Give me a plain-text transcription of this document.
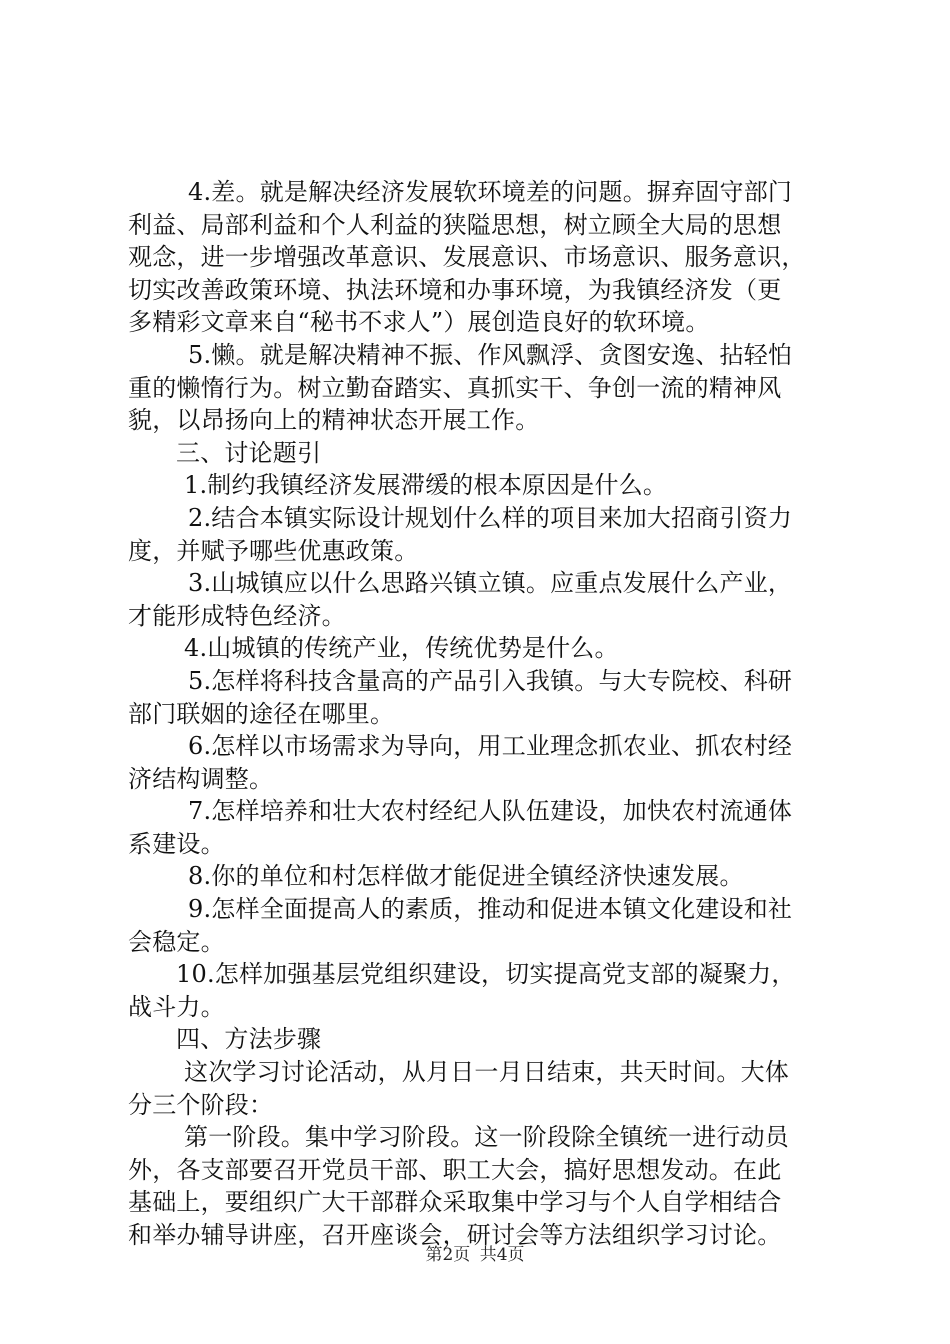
4.差。就是解决经济发展软环境差的问题。摒弃固守部门
利益、局部利益和个人利益的狭隘思想，树立顾全大局的思想
观念，进一步增强改革意识、发展意识、市场意识、服务意识，
切实改善政策环境、执法环境和办事环境，为我镇经济发（更
多精彩文章来自“秘书不求人”）展创造良好的软环境。
5.懒。就是解决精神不振、作风飘浮、贪图安逸、拈轻怕
重的懒惰行为。树立勤奋踏实、真抓实干、争创一流的精神风
貌，以昂扬向上的精神状态开展工作。
三、讨论题引
1.制约我镇经济发展滞缓的根本原因是什么。
2.结合本镇实际设计规划什么样的项目来加大招商引资力
度，并赋予哪些优惠政策。
3.山城镇应以什么思路兴镇立镇。应重点发展什么产业，
才能形成特色经济。
4.山城镇的传统产业，传统优势是什么。
5.怎样将科技含量高的产品引入我镇。与大专院校、科研
部门联姻的途径在哪里。
6.怎样以市场需求为导向，用工业理念抓农业、抓农村经
济结构调整。
7.怎样培养和壮大农村经纪人队伍建设，加快农村流通体
系建设。
8.你的单位和村怎样做才能促进全镇经济快速发展。
9.怎样全面提高人的素质，推动和促进本镇文化建设和社
会稳定。
10.怎样加强基层党组织建设，切实提高党支部的凝聚力，
战斗力。
四、方法步骤
这次学习讨论活动，从月日一月日结束，共天时间。大体
分三个阶段：
第一阶段。集中学习阶段。这一阶段除全镇统一进行动员
外，各支部要召开党员干部、职工大会，搞好思想发动。在此
基础上，要组织广大干部群众采取集中学习与个人自学相结合
和举办辅导讲座，召开座谈会，研讨会等方法组织学习讨论。
第2页 共4页
